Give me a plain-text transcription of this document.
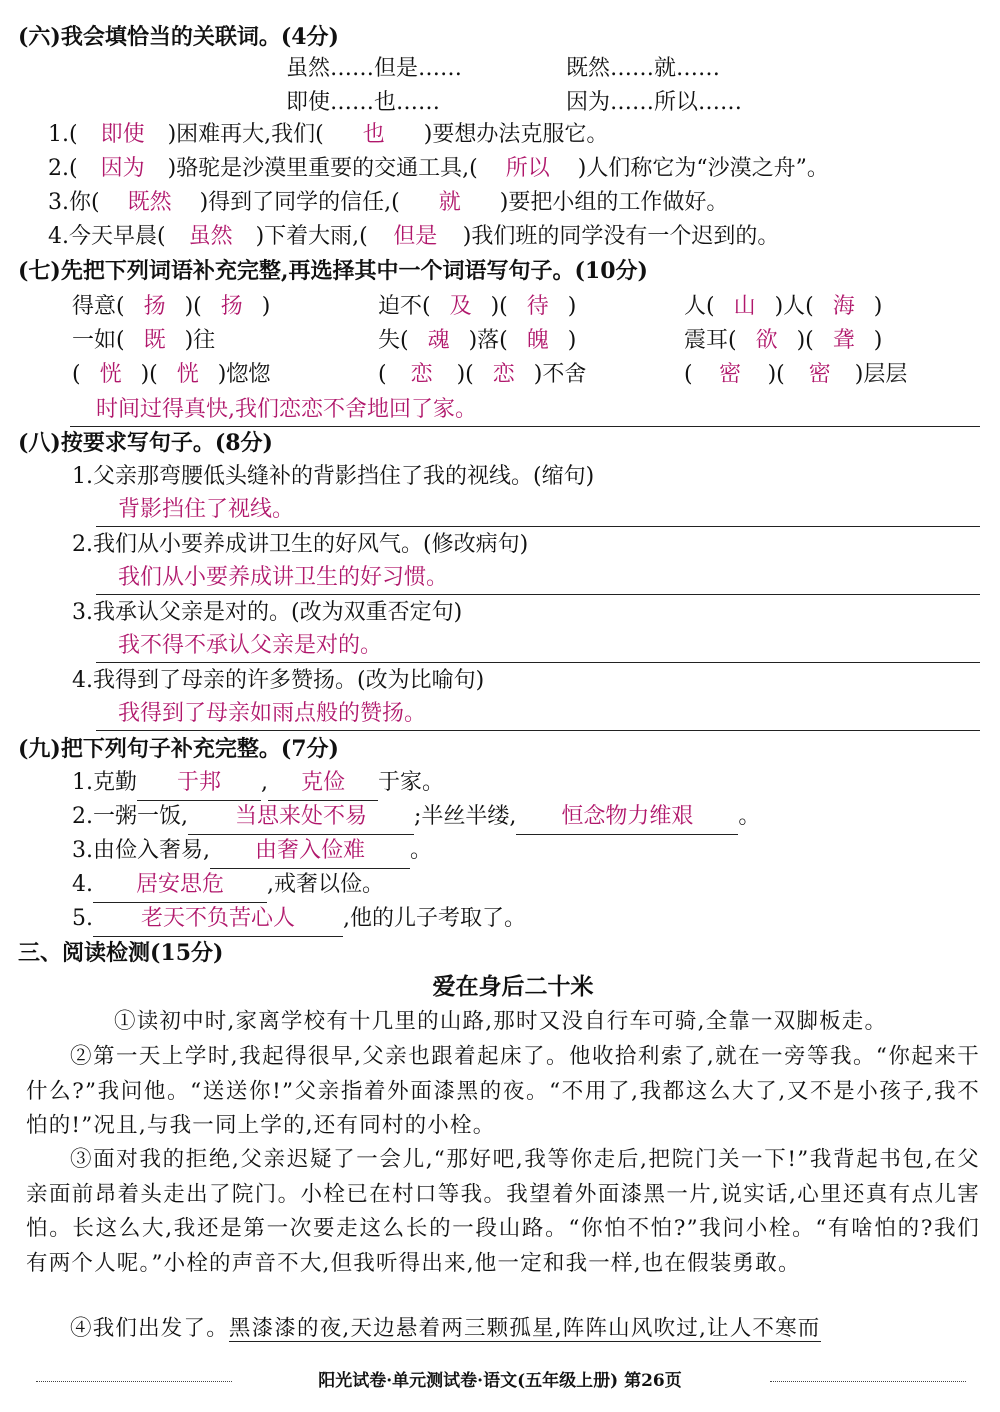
(六)我会填恰当的关联词。(4分)
虽然……但是……	既然……就……
即使……也……	因为……所以……
1.( 即使 )困难再大,我们( 也 )要想办法克服它。
2.( 因为 )骆驼是沙漠里重要的交通工具,( 所以 )人们称它为“沙漠之舟”。
3.你( 既然 )得到了同学的信任,( 就 )要把小组的工作做好。
4.今天早晨( 虽然 )下着大雨,( 但是 )我们班的同学没有一个迟到的。
(七)先把下列词语补充完整,再选择其中一个词语写句子。(10分)
得意( 扬 )( 扬 )	迫不( 及 )( 待 )	人( 山 )人( 海 )
一如( 既 )往	失( 魂 )落( 魄 )	震耳( 欲 )( 聋 )
( 恍 )( 恍 )惚惚	( 恋 )( 恋 )不舍	( 密 )( 密 )层层
时间过得真快,我们恋恋不舍地回了家。
(八)按要求写句子。(8分)
1.父亲那弯腰低头缝补的背影挡住了我的视线。(缩句)
背影挡住了视线。
2.我们从小要养成讲卫生的好风气。(修改病句)
我们从小要养成讲卫生的好习惯。
3.我承认父亲是对的。(改为双重否定句)
我不得不承认父亲是对的。
4.我得到了母亲的许多赞扬。(改为比喻句)
我得到了母亲如雨点般的赞扬。
(九)把下列句子补充完整。(7分)
1.克勤 于邦 , 克俭 于家。
2.一粥一饭, 当思来处不易 ;半丝半缕, 恒念物力维艰 。
3.由俭入奢易, 由奢入俭难 。
4. 居安思危 ,戒奢以俭。
5. 老天不负苦心人 ,他的儿子考取了。
三、阅读检测(15分)
爱在身后二十米
①读初中时,家离学校有十几里的山路,那时又没自行车可骑,全靠一双脚板走。
②第一天上学时,我起得很早,父亲也跟着起床了。他收拾利索了,就在一旁等我。“你起来干什么?”我问他。“送送你!”父亲指着外面漆黑的夜。“不用了,我都这么大了,又不是小孩子,我不怕的!”况且,与我一同上学的,还有同村的小栓。
③面对我的拒绝,父亲迟疑了一会儿,“那好吧,我等你走后,把院门关一下!”我背起书包,在父亲面前昂着头走出了院门。小栓已在村口等我。我望着外面漆黑一片,说实话,心里还真有点儿害怕。长这么大,我还是第一次要走这么长的一段山路。“你怕不怕?”我问小栓。“有啥怕的?我们有两个人呢。”小栓的声音不大,但我听得出来,他一定和我一样,也在假装勇敢。
④我们出发了。黑漆漆的夜,天边悬着两三颗孤星,阵阵山风吹过,让人不寒而
阳光试卷·单元测试卷·语文(五年级上册) 第26页
